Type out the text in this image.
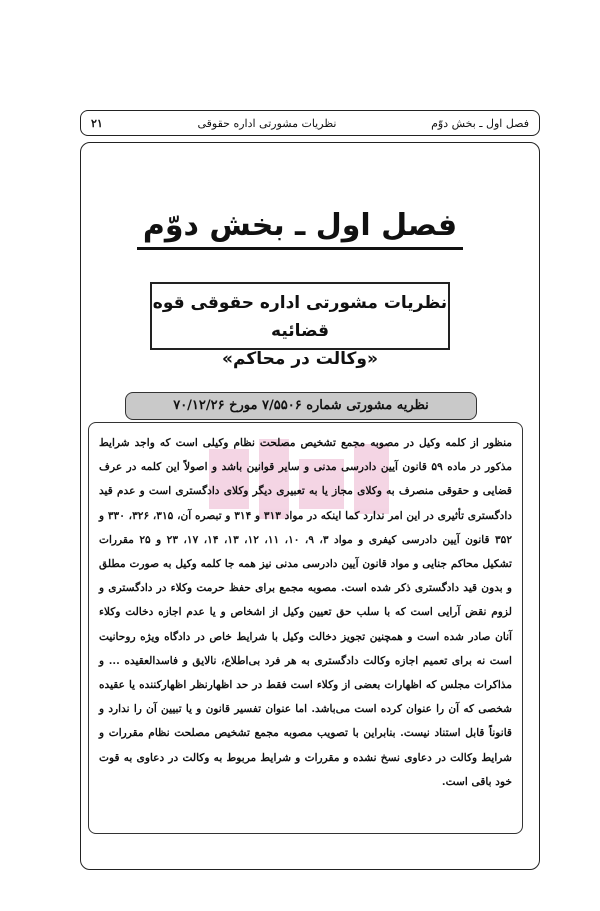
۲۱	نظریات مشورتی اداره حقوقی	فصل اول ـ بخش دوّم
فصل اول ـ بخش دوّم
نظریات مشورتی اداره حقوقی قوه قضائیه
«وکالت در محاکم»
منظور از کلمه وکیل در مصوبه مجمع تشخیص مصلحت نظام وکیلی است که واجد شرایط مذکور در ماده ۵۹ قانون آیین دادرسی مدنی و سایر قوانین باشد و اصولاً این کلمه در عرف قضایی و حقوقی منصرف به وکلای مجاز یا به تعبیری دیگر وکلای دادگستری است و عدم قید دادگستری تأثیری در این امر ندارد کما اینکه در مواد ۳۱۳ و ۳۱۴ و تبصره آن، ۳۱۵، ۳۲۶، ۳۳۰ و ۳۵۲ قانون آیین دادرسی کیفری و مواد ۳، ۹، ۱۰، ۱۱، ۱۲، ۱۳، ۱۴، ۱۷، ۲۳ و ۲۵ مقررات تشکیل محاکم جنایی و مواد قانون آیین دادرسی مدنی نیز همه جا کلمه وکیل به صورت مطلق و بدون قید دادگستری ذکر شده است. مصوبه مجمع برای حفظ حرمت وکلاء در دادگستری و لزوم نقض آرایی است که با سلب حق تعیین وکیل از اشخاص و یا عدم اجازه دخالت وکلاء آنان صادر شده است و همچنین تجویز دخالت وکیل با شرایط خاص در دادگاه ویژه روحانیت است نه برای تعمیم اجازه وکالت دادگستری به هر فرد بی‌اطلاع، نالایق و فاسدالعقیده ... و مذاکرات مجلس که اظهارات بعضی از وکلاء است فقط در حد اظهارنظر اظهارکننده یا عقیده شخصی که آن را عنوان کرده است می‌باشد. اما عنوان تفسیر قانون و یا تبیین آن را ندارد و قانوناً قابل استناد نیست. بنابراین با تصویب مصوبه مجمع تشخیص مصلحت نظام مقررات و شرایط وکالت در دعاوی نسخ نشده و مقررات و شرایط مربوط به وکالت در دعاوی به قوت خود باقی است.
نظریه مشورتی شماره ۷/۵۵۰۶ مورخ ۷۰/۱۲/۲۶
